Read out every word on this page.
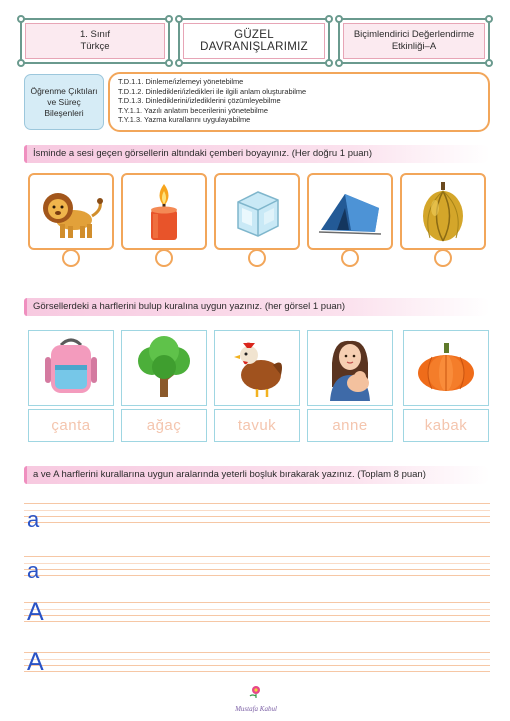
1. Sınıf
Türkçe
GÜZEL DAVRANIŞLARIMIZ
Biçimlendirici Değerlendirme
Etkinliği–A
Öğrenme Çıktıları
ve Süreç
Bileşenleri
T.D.1.1. Dinleme/izlemeyi yönetebilme
T.D.1.2. Dinledikleri/izledikleri ile ilgili anlam oluşturabilme
T.D.1.3. Dinlediklerini/izlediklerini çözümleyebilme
T.Y.1.1. Yazılı anlatım becerilerini yönetebilme
T.Y.1.3. Yazma kurallarını uygulayabilme
İsminde a sesi geçen görsellerin altındaki çemberi boyayınız. (Her doğru 1 puan)
Görsellerdeki a harflerini bulup kuralına uygun yazınız. (her görsel 1 puan)
çanta	ağaç	tavuk	anne	kabak
a ve A harflerini kurallarına uygun aralarında yeterli boşluk bırakarak yazınız. (Toplam 8 puan)
a
a
A
A
Mustafa Kabul
